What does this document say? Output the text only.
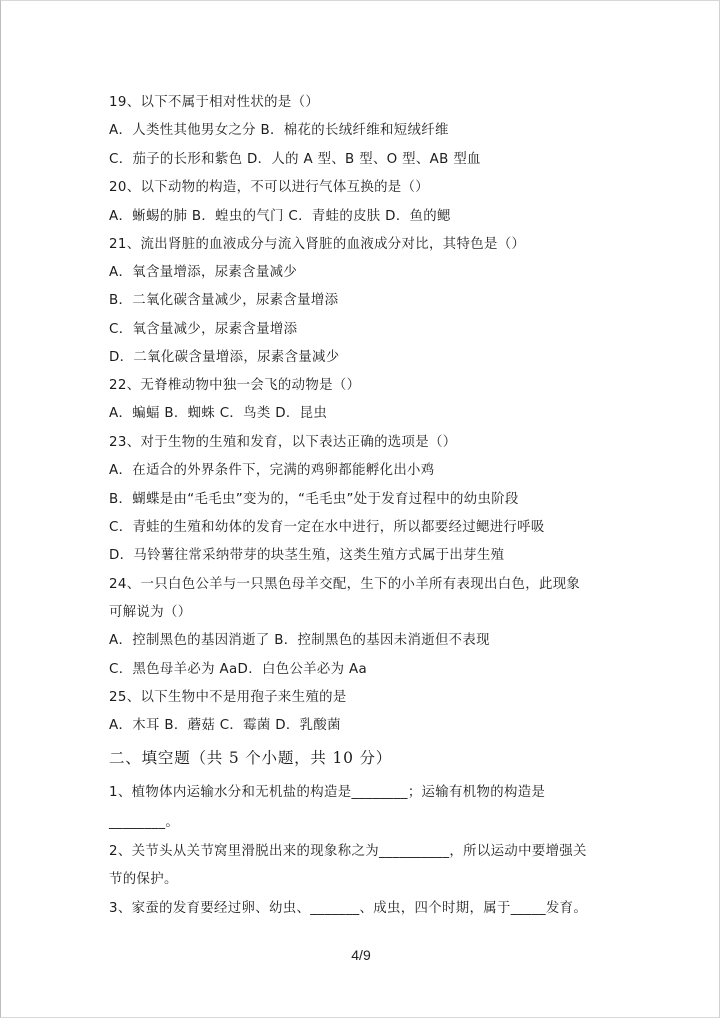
19、以下不属于相对性状的是（）
A．人类性其他男女之分 B．棉花的长绒纤维和短绒纤维
C．茄子的长形和紫色 D．人的 A 型、B 型、O 型、AB 型血
20、以下动物的构造，不可以进行气体互换的是（）
A．蜥蜴的肺 B．蝗虫的气门 C．青蛙的皮肤 D．鱼的鳃
21、流出肾脏的血液成分与流入肾脏的血液成分对比，其特色是（）
A．氧含量增添，尿素含量减少
B．二氧化碳含量减少，尿素含量增添
C．氧含量减少，尿素含量增添
D．二氧化碳含量增添，尿素含量减少
22、无脊椎动物中独一会飞的动物是（）
A．蝙蝠 B．蜘蛛 C．鸟类 D．昆虫
23、对于生物的生殖和发育，以下表达正确的选项是（）
A．在适合的外界条件下，完满的鸡卵都能孵化出小鸡
B．蝴蝶是由“毛毛虫”变为的，“毛毛虫”处于发育过程中的幼虫阶段
C．青蛙的生殖和幼体的发育一定在水中进行，所以都要经过鳃进行呼吸
D．马铃薯往常采纳带芽的块茎生殖，这类生殖方式属于出芽生殖
24、一只白色公羊与一只黑色母羊交配，生下的小羊所有表现出白色，此现象
可解说为（）
A．控制黑色的基因消逝了 B．控制黑色的基因未消逝但不表现
C．黑色母羊必为 AaD．白色公羊必为 Aa
25、以下生物中不是用孢子来生殖的是
A．木耳 B．蘑菇 C．霉菌 D．乳酸菌
二、填空题（共 5 个小题，共 10 分）
1、植物体内运输水分和无机盐的构造是________；运输有机物的构造是
________。
2、关节头从关节窝里滑脱出来的现象称之为__________，所以运动中要增强关
节的保护。
3、家蚕的发育要经过卵、幼虫、_______、成虫，四个时期，属于_____发育。
4/9
